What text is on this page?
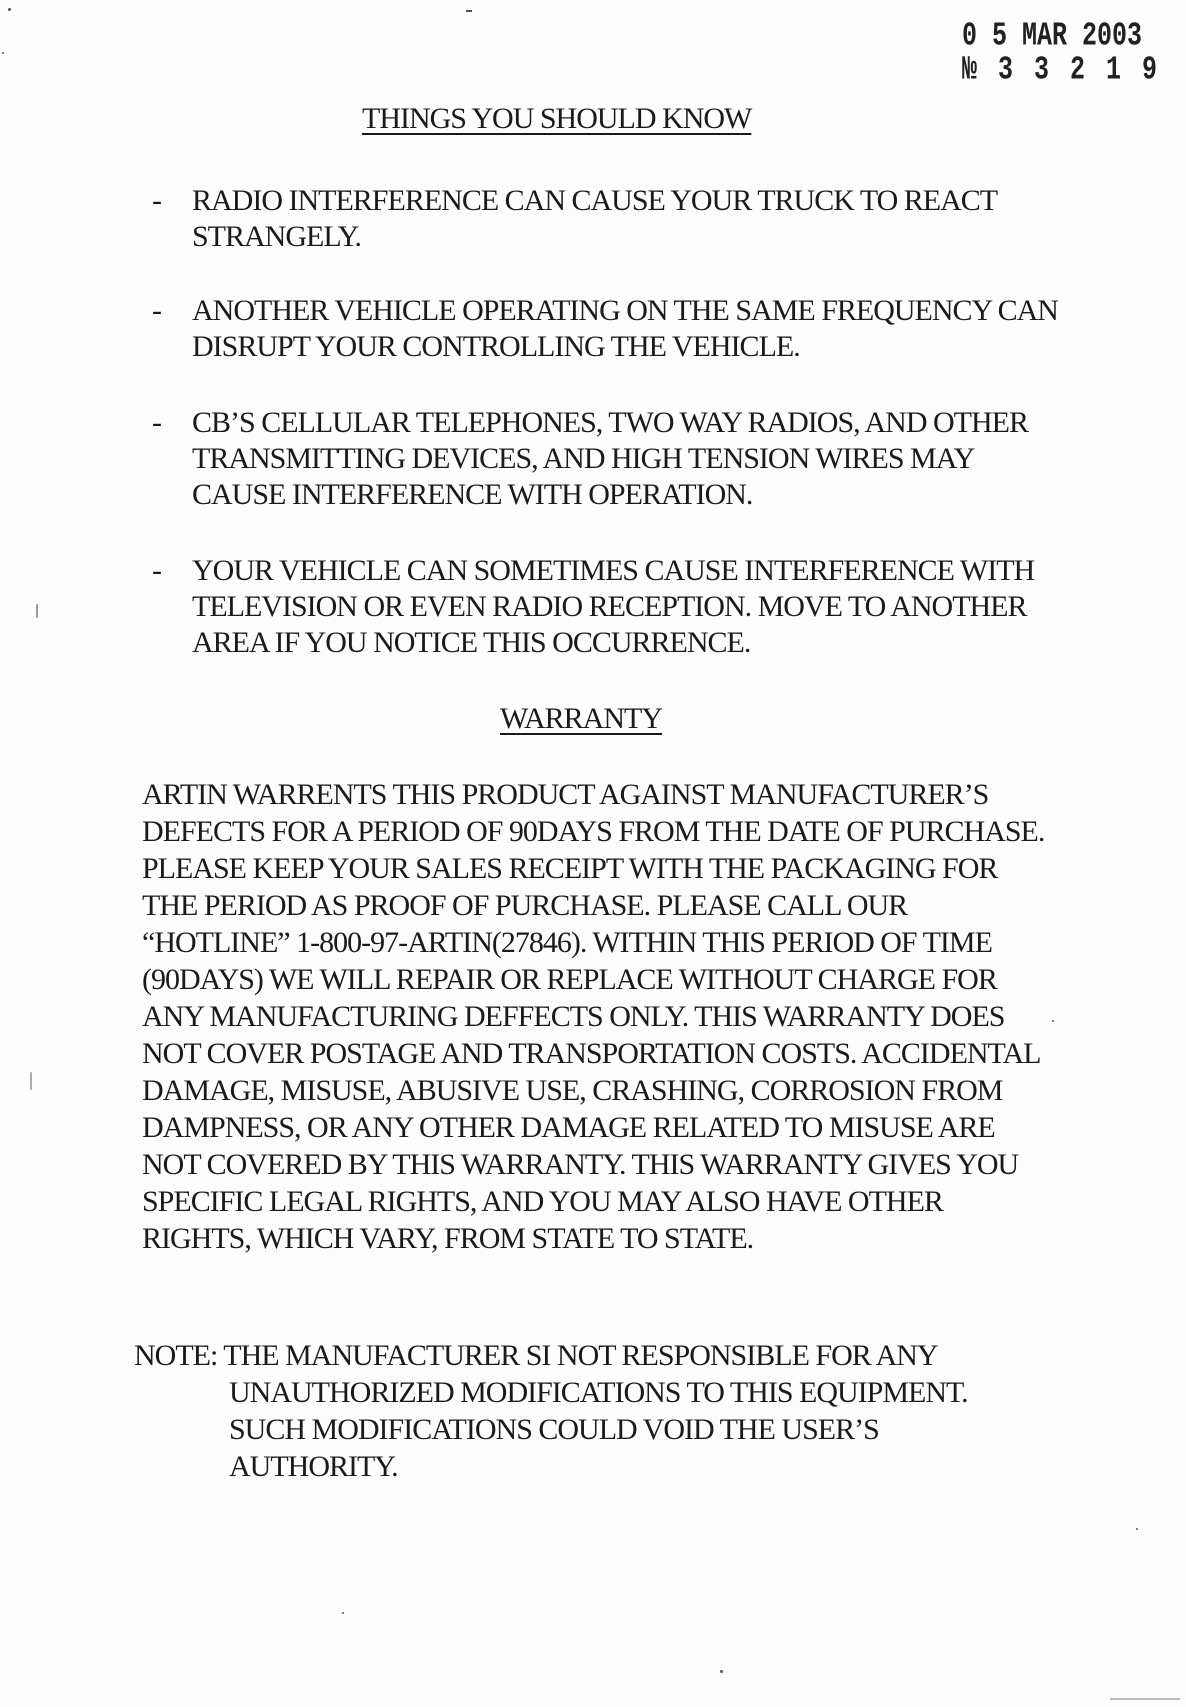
0 5 MAR 2003
№ 3 3 2 1 9
THINGS YOU SHOULD KNOW
- RADIO INTERFERENCE CAN CAUSE YOUR TRUCK TO REACT
STRANGELY.
- ANOTHER VEHICLE OPERATING ON THE SAME FREQUENCY CAN
DISRUPT YOUR CONTROLLING THE VEHICLE.
- CB’S CELLULAR TELEPHONES, TWO WAY RADIOS, AND OTHER
TRANSMITTING DEVICES, AND HIGH TENSION WIRES MAY
CAUSE INTERFERENCE WITH OPERATION.
- YOUR VEHICLE CAN SOMETIMES CAUSE INTERFERENCE WITH
TELEVISION OR EVEN RADIO RECEPTION. MOVE TO ANOTHER
AREA IF YOU NOTICE THIS OCCURRENCE.
WARRANTY
ARTIN WARRENTS THIS PRODUCT AGAINST MANUFACTURER’S
DEFECTS FOR A PERIOD OF 90DAYS FROM THE DATE OF PURCHASE.
PLEASE KEEP YOUR SALES RECEIPT WITH THE PACKAGING FOR
THE PERIOD AS PROOF OF PURCHASE. PLEASE CALL OUR
“HOTLINE” 1-800-97-ARTIN(27846). WITHIN THIS PERIOD OF TIME
(90DAYS) WE WILL REPAIR OR REPLACE WITHOUT CHARGE FOR
ANY MANUFACTURING DEFFECTS ONLY. THIS WARRANTY DOES
NOT COVER POSTAGE AND TRANSPORTATION COSTS. ACCIDENTAL
DAMAGE, MISUSE, ABUSIVE USE, CRASHING, CORROSION FROM
DAMPNESS, OR ANY OTHER DAMAGE RELATED TO MISUSE ARE
NOT COVERED BY THIS WARRANTY. THIS WARRANTY GIVES YOU
SPECIFIC LEGAL RIGHTS, AND YOU MAY ALSO HAVE OTHER
RIGHTS, WHICH VARY, FROM STATE TO STATE.
NOTE: THE MANUFACTURER SI NOT RESPONSIBLE FOR ANY
UNAUTHORIZED MODIFICATIONS TO THIS EQUIPMENT.
SUCH MODIFICATIONS COULD VOID THE USER’S
AUTHORITY.
